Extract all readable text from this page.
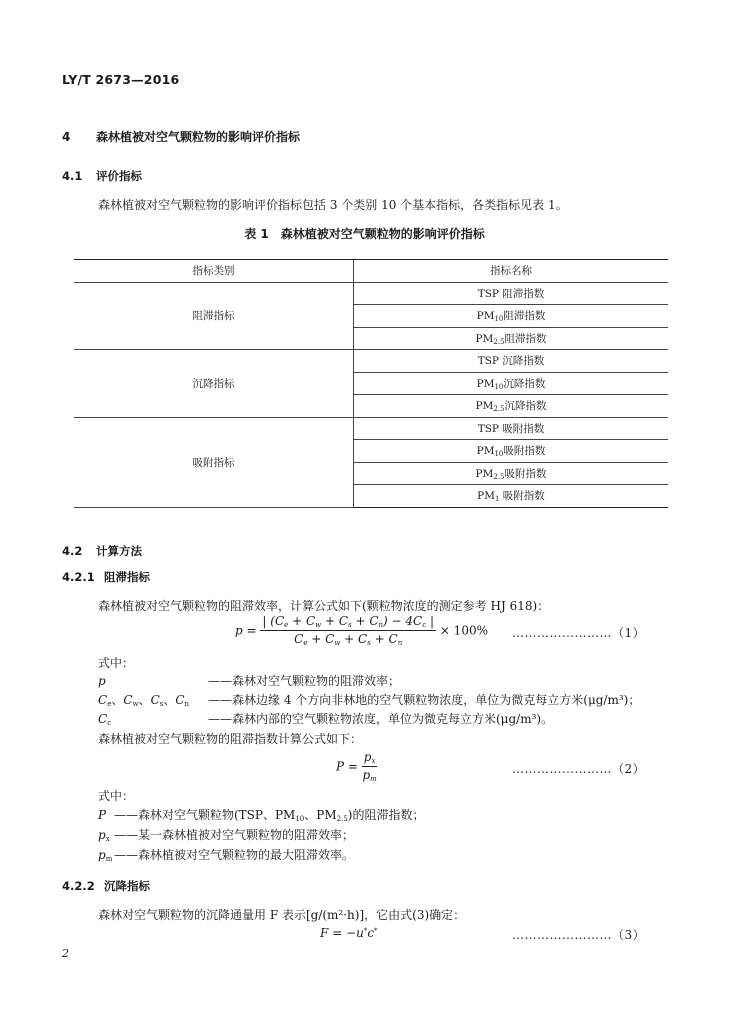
LY/T 2673—2016
4 森林植被对空气颗粒物的影响评价指标
4.1 评价指标
森林植被对空气颗粒物的影响评价指标包括 3 个类别 10 个基本指标，各类指标见表 1。
表 1　森林植被对空气颗粒物的影响评价指标
指标类别	指标名称
阻滞指标	TSP 阻滞指数
	$PM_{10}$阻滞指数
	$PM_{2.5}$阻滞指数
沉降指标	TSP 沉降指数
	$PM_{10}$沉降指数
	$PM_{2.5}$沉降指数
吸附指标	TSP 吸附指数
	$PM_{10}$吸附指数
	$PM_{2.5}$吸附指数
	$PM_1$ 吸附指数
4.2 计算方法
4.2.1 阻滞指标
森林植被对空气颗粒物的阻滞效率，计算公式如下(颗粒物浓度的测定参考 HJ 618)：
$p = \frac{| (C_e + C_w + C_s + C_n) - 4C_c |}{C_e + C_w + C_s + C_n} \times 100\%$ ……………………（1）
式中：
p	——森林对空气颗粒物的阻滞效率；
$C_e$、$C_w$、$C_s$、$C_n$ ——森林边缘 4 个方向非林地的空气颗粒物浓度，单位为微克每立方米(μg/m³)；
$C_c$	——森林内部的空气颗粒物浓度，单位为微克每立方米(μg/m³)。
森林植被对空气颗粒物的阻滞指数计算公式如下：
$P = \frac{p_x}{p_m}$	……………………（2）
式中：
P ——森林对空气颗粒物(TSP、$PM_{10}$、$PM_{2.5}$)的阻滞指数；
$p_x$ ——某一森林植被对空气颗粒物的阻滞效率；
$p_m$ ——森林植被对空气颗粒物的最大阻滞效率。
4.2.2 沉降指标
森林对空气颗粒物的沉降通量用 F 表示[g/(m²·h)]，它由式(3)确定：
F = −u*c*	……………………（3）
2
